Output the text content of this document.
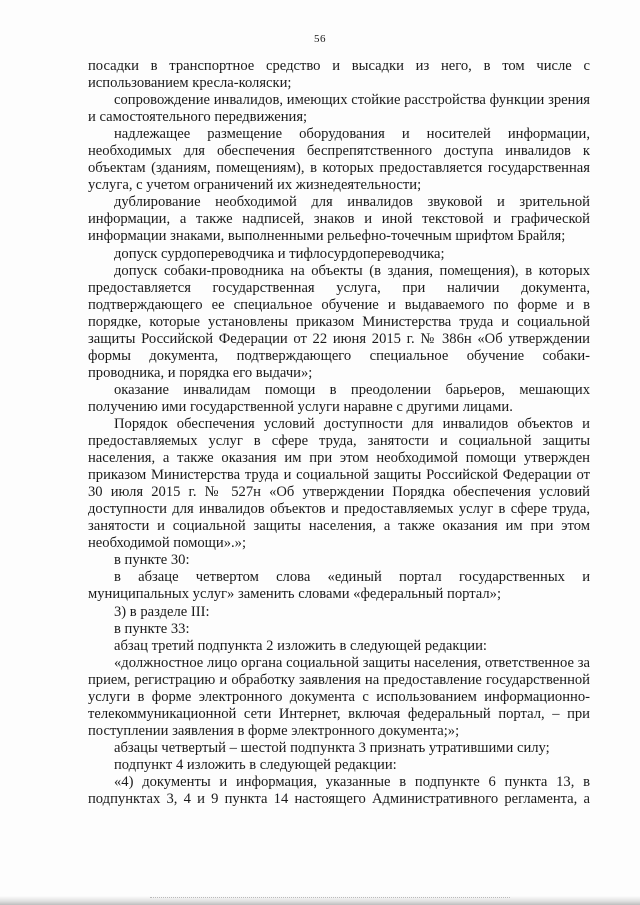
56

посадки в транспортное средство и высадки из него, в том числе с использованием кресла-коляски;

сопровождение инвалидов, имеющих стойкие расстройства функции зрения и самостоятельного передвижения;

надлежащее размещение оборудования и носителей информации, необходимых для обеспечения беспрепятственного доступа инвалидов к объектам (зданиям, помещениям), в которых предоставляется государственная услуга, с учетом ограничений их жизнедеятельности;

дублирование необходимой для инвалидов звуковой и зрительной информации, а также надписей, знаков и иной текстовой и графической информации знаками, выполненными рельефно-точечным шрифтом Брайля;

допуск сурдопереводчика и тифлосурдопереводчика;

допуск собаки-проводника на объекты (в здания, помещения), в которых предоставляется государственная услуга, при наличии документа, подтверждающего ее специальное обучение и выдаваемого по форме и в порядке, которые установлены приказом Министерства труда и социальной защиты Российской Федерации от 22 июня 2015 г. № 386н «Об утверждении формы документа, подтверждающего специальное обучение собаки-проводника, и порядка его выдачи»;

оказание инвалидам помощи в преодолении барьеров, мешающих получению ими государственной услуги наравне с другими лицами.

Порядок обеспечения условий доступности для инвалидов объектов и предоставляемых услуг в сфере труда, занятости и социальной защиты населения, а также оказания им при этом необходимой помощи утвержден приказом Министерства труда и социальной защиты Российской Федерации от 30 июля 2015 г. № 527н «Об утверждении Порядка обеспечения условий доступности для инвалидов объектов и предоставляемых услуг в сфере труда, занятости и социальной защиты населения, а также оказания им при этом необходимой помощи».»;

в пункте 30:

в абзаце четвертом слова «единый портал государственных и муниципальных услуг» заменить словами «федеральный портал»;

3) в разделе III:

в пункте 33:

абзац третий подпункта 2 изложить в следующей редакции:

«должностное лицо органа социальной защиты населения, ответственное за прием, регистрацию и обработку заявления на предоставление государственной услуги в форме электронного документа с использованием информационно-телекоммуникационной сети Интернет, включая федеральный портал, – при поступлении заявления в форме электронного документа;»;

абзацы четвертый – шестой подпункта 3 признать утратившими силу;

подпункт 4 изложить в следующей редакции:

«4) документы и информация, указанные в подпункте 6 пункта 13, в подпунктах 3, 4 и 9 пункта 14 настоящего Административного регламента, а
